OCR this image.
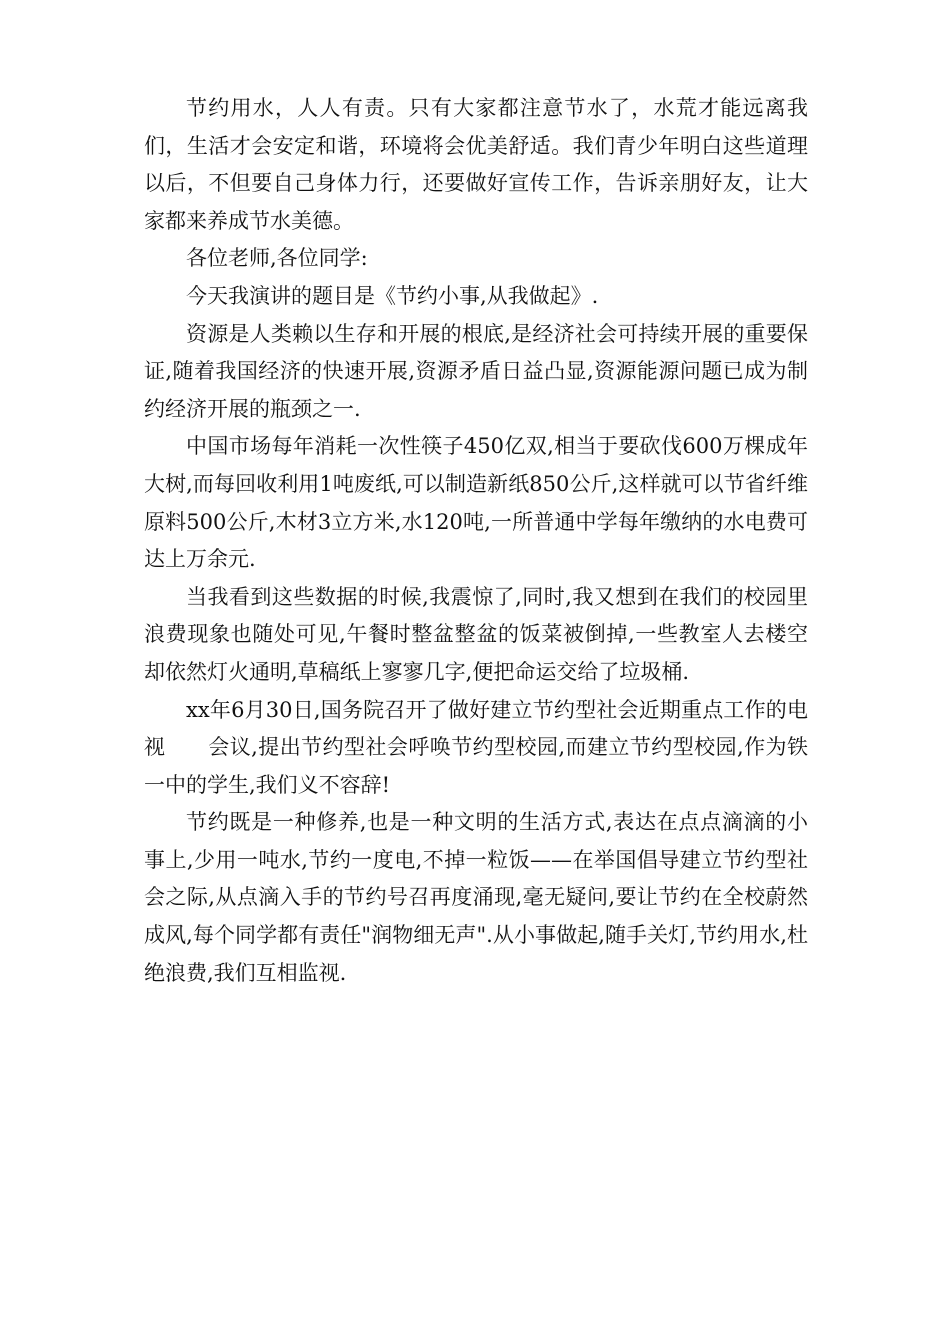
节约用水，人人有责。只有大家都注意节水了，水荒才能远离我们，生活才会安定和谐，环境将会优美舒适。我们青少年明白这些道理以后，不但要自己身体力行，还要做好宣传工作，告诉亲朋好友，让大家都来养成节水美德。

各位老师,各位同学:

今天我演讲的题目是《节约小事,从我做起》.

资源是人类赖以生存和开展的根底,是经济社会可持续开展的重要保证,随着我国经济的快速开展,资源矛盾日益凸显,资源能源问题已成为制约经济开展的瓶颈之一.

中国市场每年消耗一次性筷子450亿双,相当于要砍伐600万棵成年大树,而每回收利用1吨废纸,可以制造新纸850公斤,这样就可以节省纤维原料500公斤,木材3立方米,水120吨,一所普通中学每年缴纳的水电费可达上万余元.

当我看到这些数据的时候,我震惊了,同时,我又想到在我们的校园里浪费现象也随处可见,午餐时整盆整盆的饭菜被倒掉,一些教室人去楼空却依然灯火通明,草稿纸上寥寥几字,便把命运交给了垃圾桶.

xx年6月30日,国务院召开了做好建立节约型社会近期重点工作的电视　　会议,提出节约型社会呼唤节约型校园,而建立节约型校园,作为铁一中的学生,我们义不容辞!

节约既是一种修养,也是一种文明的生活方式,表达在点点滴滴的小事上,少用一吨水,节约一度电,不掉一粒饭——在举国倡导建立节约型社会之际,从点滴入手的节约号召再度涌现,毫无疑问,要让节约在全校蔚然成风,每个同学都有责任"润物细无声".从小事做起,随手关灯,节约用水,杜绝浪费,我们互相监视.
